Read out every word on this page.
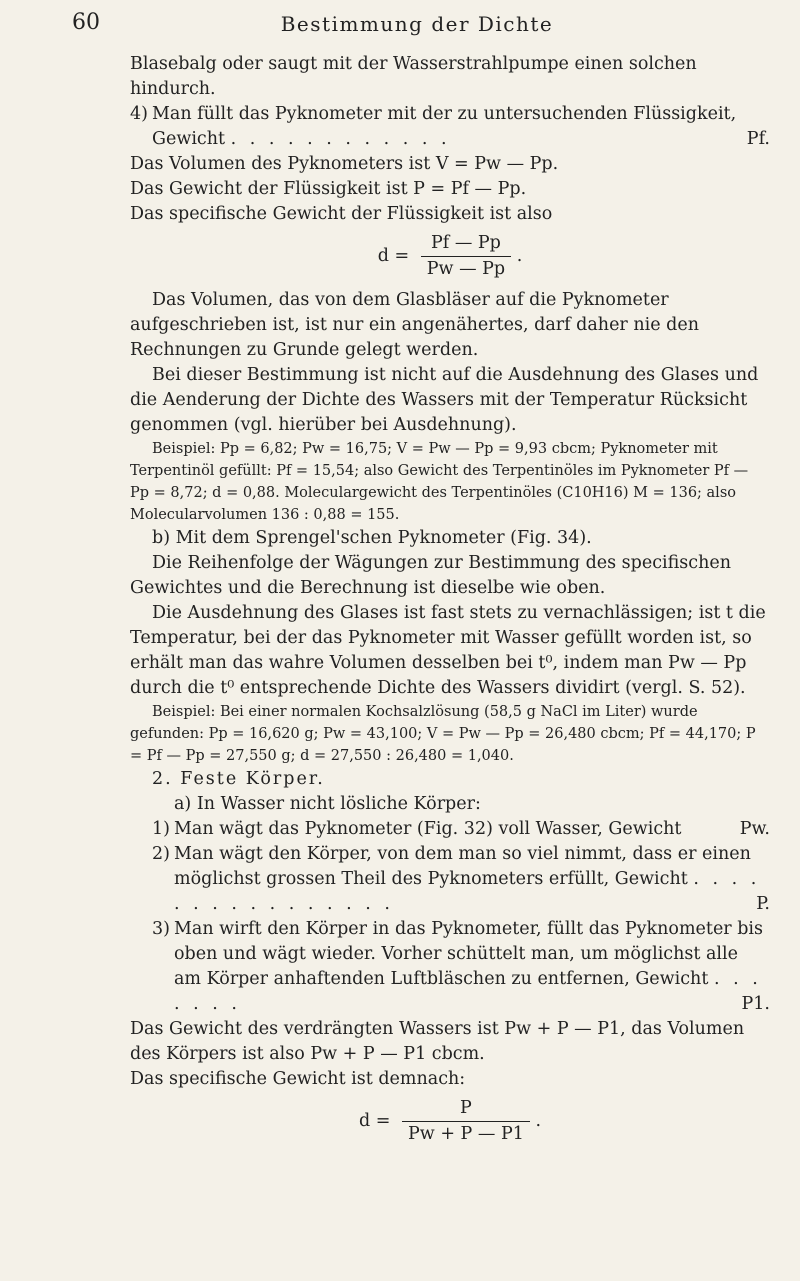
60	Bestimmung der Dichte

Blasebalg oder saugt mit der Wasserstrahlpumpe einen solchen hindurch.

4) Man füllt das Pyknometer mit der zu untersuchenden Flüssigkeit, Gewicht . . . . . . . . . . . .	Pf.

Das Volumen des Pyknometers ist V = Pw — Pp.

Das Gewicht der Flüssigkeit ist P = Pf — Pp.

Das specifische Gewicht der Flüssigkeit ist also

$d = \frac{Pf — Pp}{Pw — Pp}$ .

Das Volumen, das von dem Glasbläser auf die Pyknometer aufgeschrieben ist, ist nur ein angenähertes, darf daher nie den Rechnungen zu Grunde gelegt werden.

Bei dieser Bestimmung ist nicht auf die Ausdehnung des Glases und die Aenderung der Dichte des Wassers mit der Temperatur Rücksicht genommen (vgl. hierüber bei Ausdehnung).

Beispiel: Pp = 6,82; Pw = 16,75; V = Pw — Pp = 9,93 cbcm; Pyknometer mit Terpentinöl gefüllt: Pf = 15,54; also Gewicht des Terpentinöles im Pyknometer Pf — Pp = 8,72; d = 0,88. Moleculargewicht des Terpentinöles (C10H16) M = 136; also Molecularvolumen 136 : 0,88 = 155.

b) Mit dem Sprengel'schen Pyknometer (Fig. 34).

Die Reihenfolge der Wägungen zur Bestimmung des specifischen Gewichtes und die Berechnung ist dieselbe wie oben.

Die Ausdehnung des Glases ist fast stets zu vernachlässigen; ist t die Temperatur, bei der das Pyknometer mit Wasser gefüllt worden ist, so erhält man das wahre Volumen desselben bei t⁰, indem man Pw — Pp durch die t⁰ entsprechende Dichte des Wassers dividirt (vergl. S. 52).

Beispiel: Bei einer normalen Kochsalzlösung (58,5 g NaCl im Liter) wurde gefunden: Pp = 16,620 g; Pw = 43,100; V = Pw — Pp = 26,480 cbcm; Pf = 44,170; P = Pf — Pp = 27,550 g; d = 27,550 : 26,480 = 1,040.

2. Feste Körper.

a) In Wasser nicht lösliche Körper:

1) Man wägt das Pyknometer (Fig. 32) voll Wasser, Gewicht	Pw.
2) Man wägt den Körper, von dem man so viel nimmt, dass er einen möglichst grossen Theil des Pyknometers erfüllt, Gewicht . . . . . . . . . . . . . . . .	P.
3) Man wirft den Körper in das Pyknometer, füllt das Pyknometer bis oben und wägt wieder. Vorher schüttelt man, um möglichst alle am Körper anhaftenden Luftbläschen zu entfernen, Gewicht . . . . . . .	P1.

Das Gewicht des verdrängten Wassers ist Pw + P — P1, das Volumen des Körpers ist also Pw + P — P1 cbcm.

Das specifische Gewicht ist demnach:

$d = \frac{P}{Pw + P — P1}$ .
